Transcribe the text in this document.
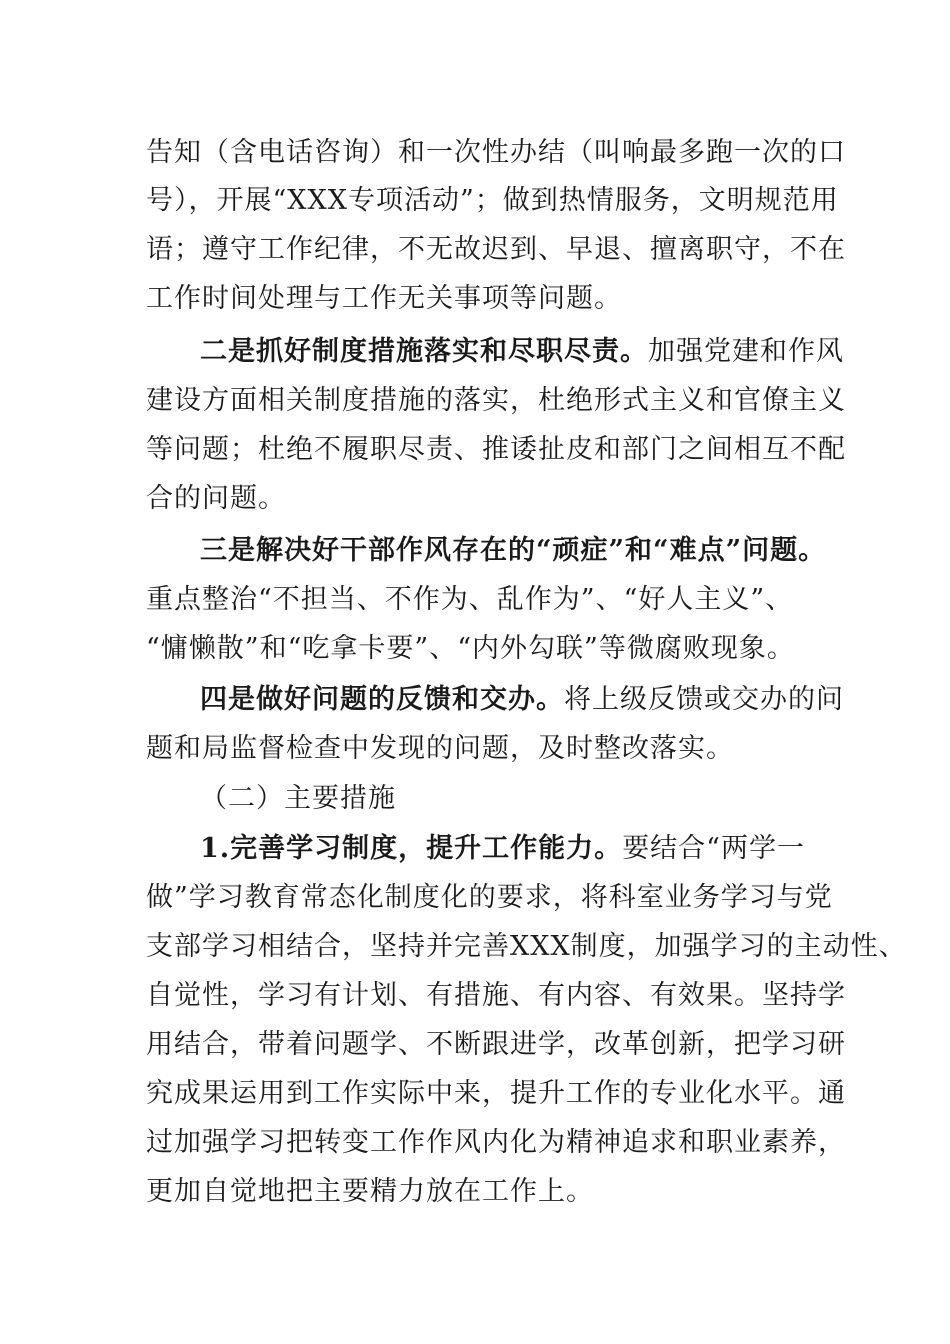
告知（含电话咨询）和一次性办结（叫响最多跑一次的口
号），开展“XXX专项活动”；做到热情服务，文明规范用
语；遵守工作纪律，不无故迟到、早退、擅离职守，不在
工作时间处理与工作无关事项等问题。
二是抓好制度措施落实和尽职尽责。加强党建和作风
建设方面相关制度措施的落实，杜绝形式主义和官僚主义
等问题；杜绝不履职尽责、推诿扯皮和部门之间相互不配
合的问题。
三是解决好干部作风存在的“顽症”和“难点”问题。
重点整治“不担当、不作为、乱作为”、“好人主义”、
“慵懒散”和“吃拿卡要”、“内外勾联”等微腐败现象。
四是做好问题的反馈和交办。将上级反馈或交办的问
题和局监督检查中发现的问题，及时整改落实。
（二）主要措施
1.完善学习制度，提升工作能力。要结合“两学一
做”学习教育常态化制度化的要求，将科室业务学习与党
支部学习相结合，坚持并完善XXX制度，加强学习的主动性、
自觉性，学习有计划、有措施、有内容、有效果。坚持学
用结合，带着问题学、不断跟进学，改革创新，把学习研
究成果运用到工作实际中来，提升工作的专业化水平。通
过加强学习把转变工作作风内化为精神追求和职业素养，
更加自觉地把主要精力放在工作上。
